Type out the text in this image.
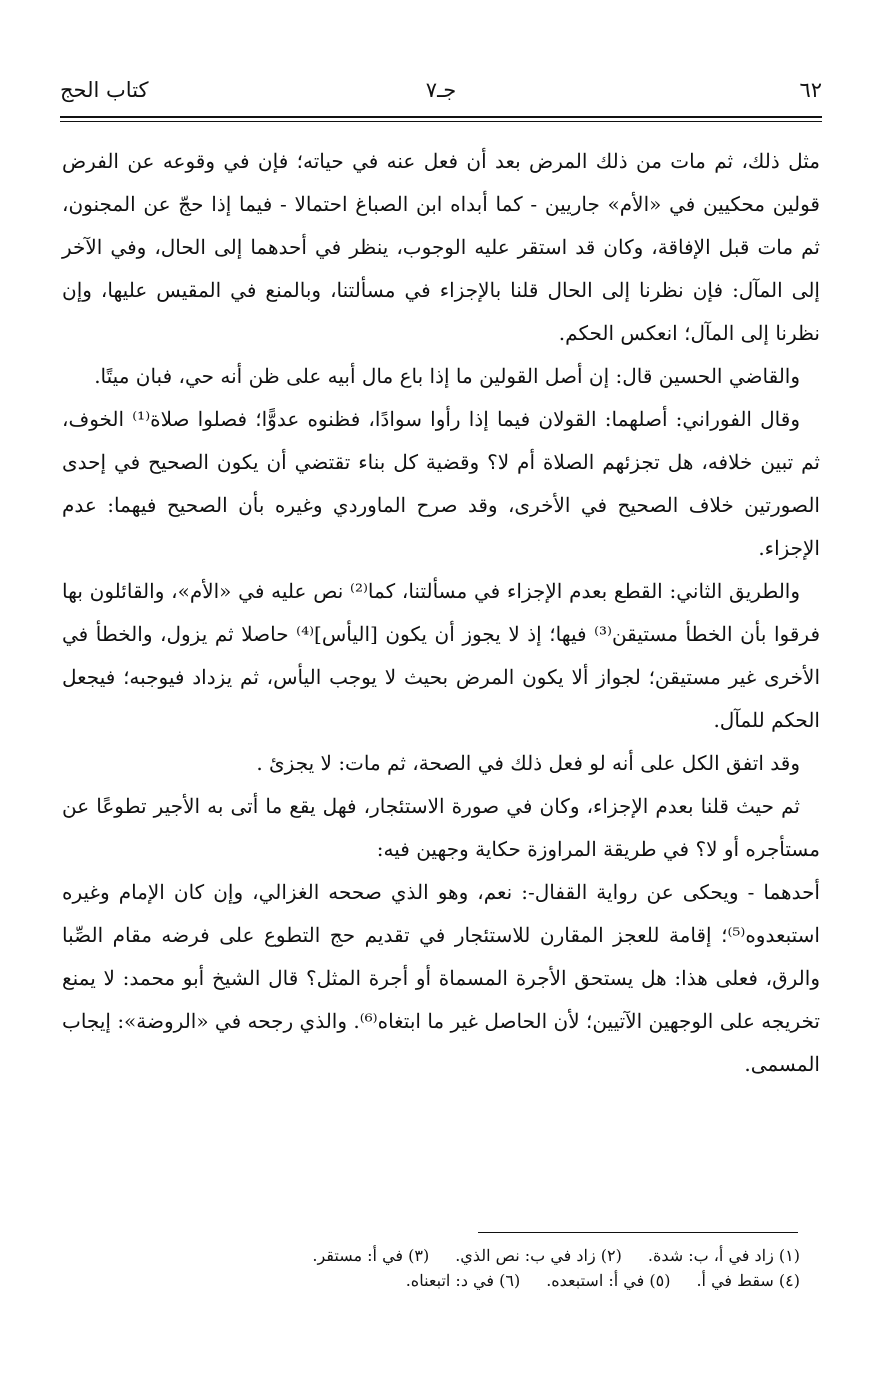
٦٢
جـ٧
كتاب الحج

مثل ذلك، ثم مات من ذلك المرض بعد أن فعل عنه في حياته؛ فإن في وقوعه عن الفرض قولين محكيين في «الأم» جاريين - كما أبداه ابن الصباغ احتمالا - فيما إذا حجّ عن المجنون، ثم مات قبل الإفاقة، وكان قد استقر عليه الوجوب، ينظر في أحدهما إلى الحال، وفي الآخر إلى المآل: فإن نظرنا إلى الحال قلنا بالإجزاء في مسألتنا، وبالمنع في المقيس عليها، وإن نظرنا إلى المآل؛ انعكس الحكم.

والقاضي الحسين قال: إن أصل القولين ما إذا باع مال أبيه على ظن أنه حي، فبان ميتًا.

وقال الفوراني: أصلهما: القولان فيما إذا رأوا سوادًا، فظنوه عدوًّا؛ فصلوا صلاة⁽¹⁾ الخوف، ثم تبين خلافه، هل تجزئهم الصلاة أم لا؟ وقضية كل بناء تقتضي أن يكون الصحيح في إحدى الصورتين خلاف الصحيح في الأخرى، وقد صرح الماوردي وغيره بأن الصحيح فيهما: عدم الإجزاء.

والطريق الثاني: القطع بعدم الإجزاء في مسألتنا، كما⁽²⁾ نص عليه في «الأم»، والقائلون بها فرقوا بأن الخطأ مستيقن⁽³⁾ فيها؛ إذ لا يجوز أن يكون [اليأس]⁽⁴⁾ حاصلا ثم يزول، والخطأ في الأخرى غير مستيقن؛ لجواز ألا يكون المرض بحيث لا يوجب اليأس، ثم يزداد فيوجبه؛ فيجعل الحكم للمآل.

وقد اتفق الكل على أنه لو فعل ذلك في الصحة، ثم مات: لا يجزئ .

ثم حيث قلنا بعدم الإجزاء، وكان في صورة الاستئجار، فهل يقع ما أتى به الأجير تطوعًا عن مستأجره أو لا؟ في طريقة المراوزة حكاية وجهين فيه:

أحدهما - ويحكى عن رواية القفال-: نعم، وهو الذي صححه الغزالي، وإن كان الإمام وغيره استبعدوه⁽⁵⁾؛ إقامة للعجز المقارن للاستئجار في تقديم حج التطوع على فرضه مقام الصِّبا والرق، فعلى هذا: هل يستحق الأجرة المسماة أو أجرة المثل؟ قال الشيخ أبو محمد: لا يمنع تخريجه على الوجهين الآتيين؛ لأن الحاصل غير ما ابتغاه⁽⁶⁾. والذي رجحه في «الروضة»: إيجاب المسمى.

(١) زاد في أ، ب: شدة.
(٢) زاد في ب: نص الذي.
(٣) في أ: مستقر.
(٤) سقط في أ.
(٥) في أ: استبعده.
(٦) في د: اتبعناه.
